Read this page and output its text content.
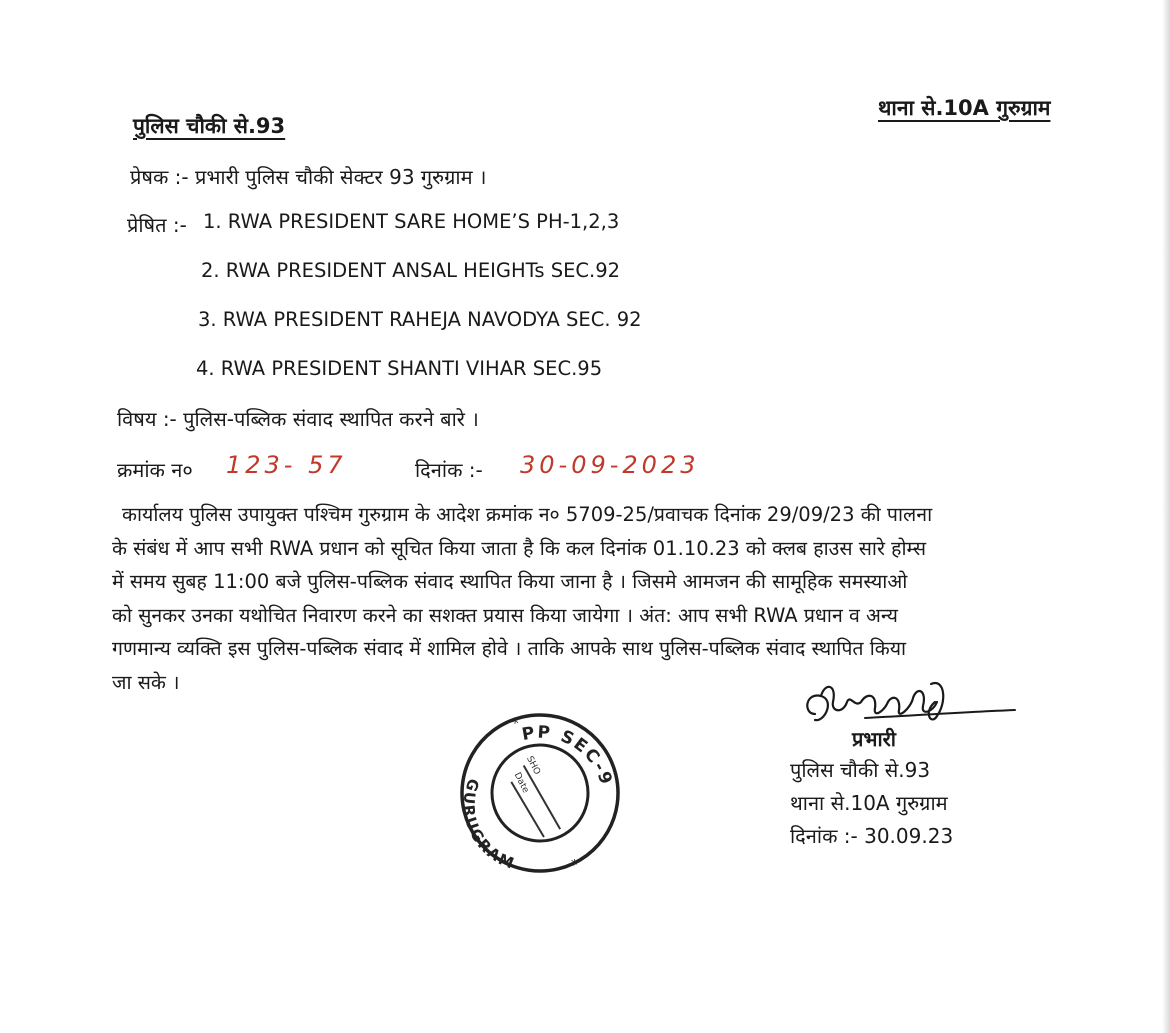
पुलिस चौकी से.93
थाना से.10A गुरुग्राम
प्रेषक :- प्रभारी पुलिस चौकी सेक्टर 93 गुरुग्राम ।
प्रेषित :- 1. RWA PRESIDENT SARE HOME’S PH-1,2,3
2. RWA PRESIDENT ANSAL HEIGHTs SEC.92
3. RWA PRESIDENT RAHEJA NAVODYA SEC. 92
4. RWA PRESIDENT SHANTI VIHAR SEC.95
विषय :- पुलिस-पब्लिक संवाद स्थापित करने बारे ।
क्रमांक न० 123- 57	दिनांक :- 30-09-2023
कार्यालय पुलिस उपायुक्त पश्चिम गुरुग्राम के आदेश क्रमांक न० 5709-25/प्रवाचक दिनांक 29/09/23 की पालना
के संबंध में आप सभी RWA प्रधान को सूचित किया जाता है कि कल दिनांक 01.10.23 को क्लब हाउस सारे होम्स
में समय सुबह 11:00 बजे पुलिस-पब्लिक संवाद स्थापित किया जाना है । जिसमे आमजन की सामूहिक समस्याओ
को सुनकर उनका यथोचित निवारण करने का सशक्त प्रयास किया जायेगा । अंत: आप सभी RWA प्रधान व अन्य
गणमान्य व्यक्ति इस पुलिस-पब्लिक संवाद में शामिल होवे । ताकि आपके साथ पुलिस-पब्लिक संवाद स्थापित किया
जा सके ।
PP SEC-93
GURUGRAM
*
*
SHO
Date
प्रभारी
पुलिस चौकी से.93
थाना से.10A गुरुग्राम
दिनांक :- 30.09.23
